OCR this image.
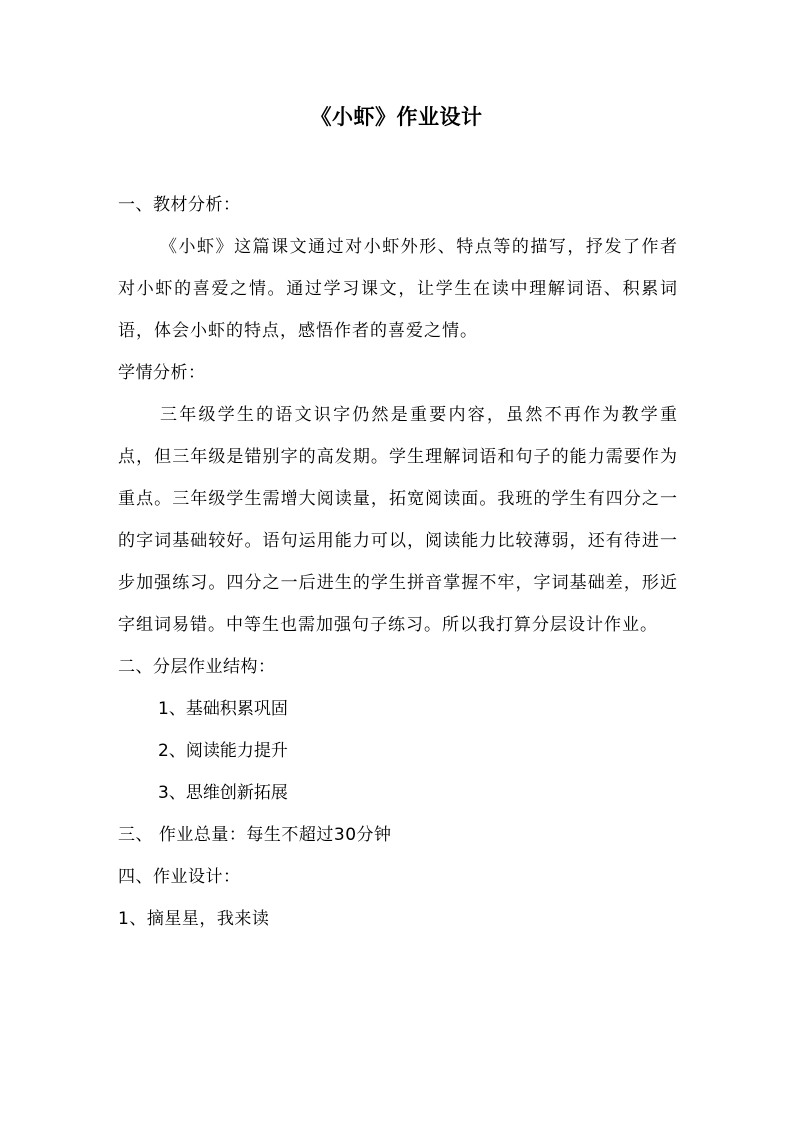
《小虾》作业设计

一、教材分析：

《小虾》这篇课文通过对小虾外形、特点等的描写，抒发了作者对小虾的喜爱之情。通过学习课文，让学生在读中理解词语、积累词语，体会小虾的特点，感悟作者的喜爱之情。

学情分析：

三年级学生的语文识字仍然是重要内容，虽然不再作为教学重点，但三年级是错别字的高发期。学生理解词语和句子的能力需要作为重点。三年级学生需增大阅读量，拓宽阅读面。我班的学生有四分之一的字词基础较好。语句运用能力可以，阅读能力比较薄弱，还有待进一步加强练习。四分之一后进生的学生拼音掌握不牢，字词基础差，形近字组词易错。中等生也需加强句子练习。所以我打算分层设计作业。

二、分层作业结构：

1、基础积累巩固

2、阅读能力提升

3、思维创新拓展

三、 作业总量：每生不超过30分钟

四、作业设计：

1、摘星星，我来读
